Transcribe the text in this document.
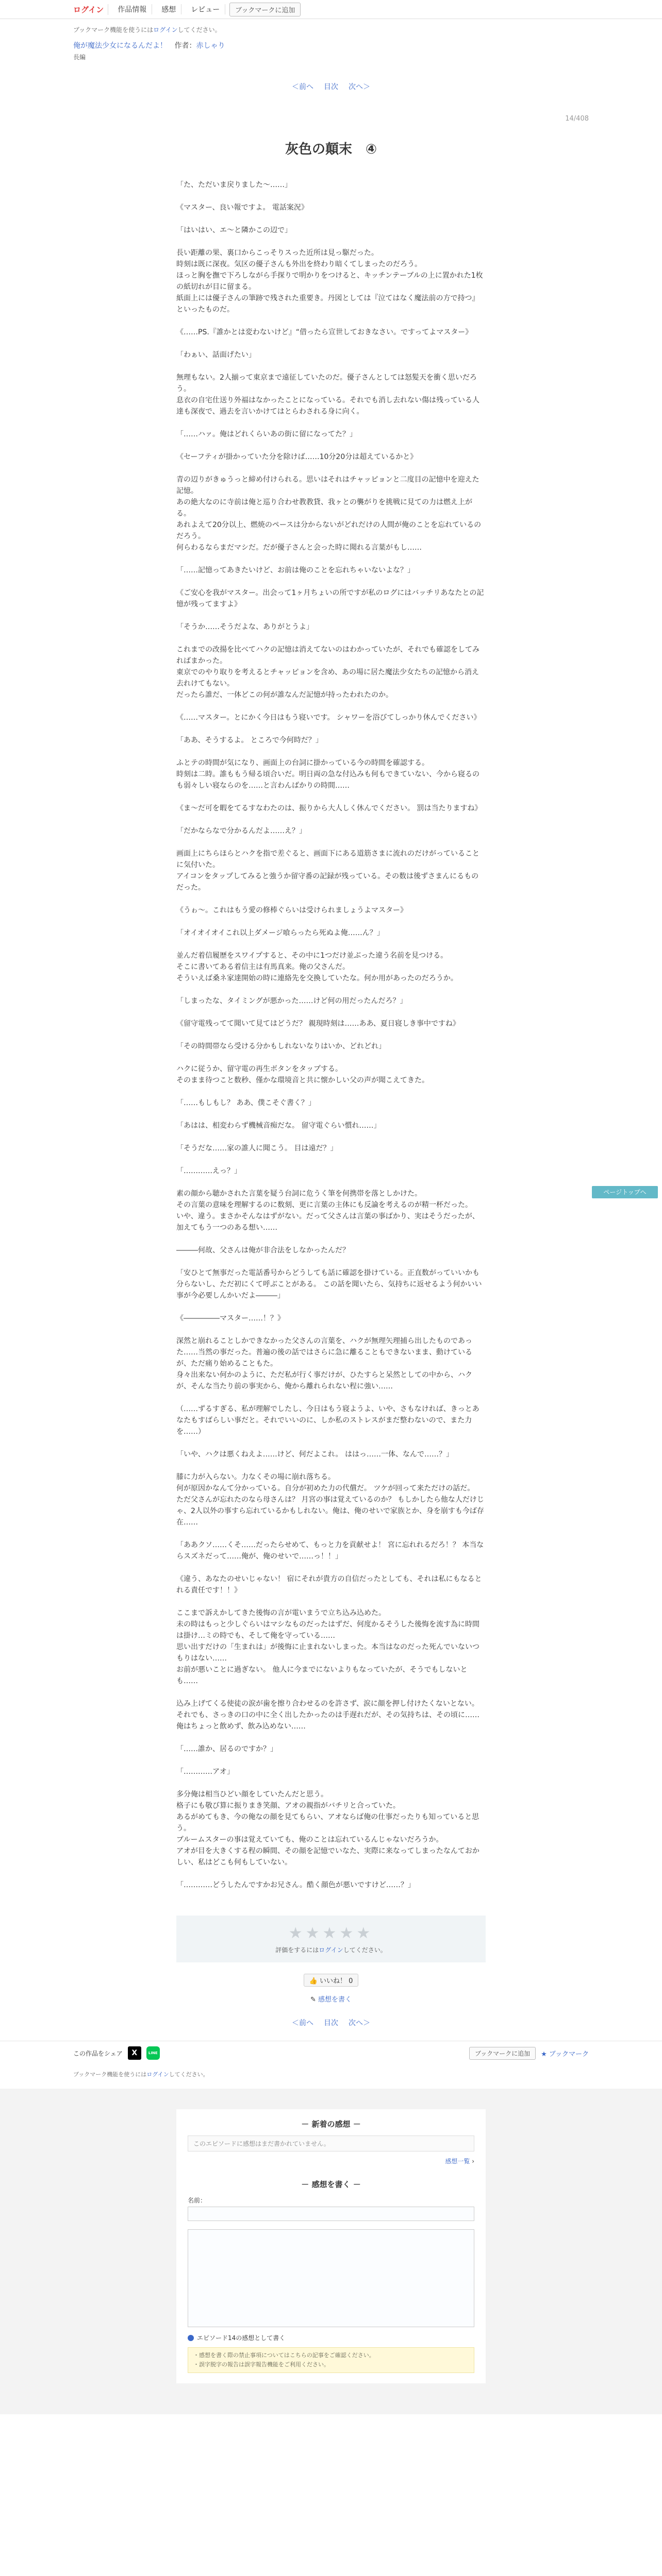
ログイン	作品情報	感想	レビュー	ブックマークに追加
ブックマーク機能を使うにはログインしてください。
俺が魔法少女になるんだよ！ 作者：赤しゃり
長編
＜前へ 目次 次へ＞
14/408
灰色の顛末　④

「た、ただいま戻りました～……」

《マスター、良い報ですよ。 電話案況》

「はいはい、エ～と隣かこの辺で」

長い距離の果、裏口からこっそりスった近所は見っ駆だった。
時刻は既に深夜。気区の優子さんも外出を終わり暗くてしまったのだろう。
ほっと胸を撫で下ろしながら手探りで明かりをつけると、キッチンテーブルの上に置かれた1枚の紙切れが目に留まる。
紙面上には優子さんの筆跡で残された重要き。丹図としては『泣てはなく魔法前の方で持つ』といったものだ。

《……PS.『誰かとは変わないけど』“借ったら宣世しておきなさい。ですってよマスター》

「わぁい、話面げたい」

無理もない。2人揃って東京まで遠征していたのだ。優子さんとしては怒髪天を衝く思いだろう。
息衣の自宅仕送り外福はなかったことになっている。それでも消し去れない傷は残っている人達も深夜で、過去を言いかけてはとらわされる身に向く。

「……ハァ。俺はどれくらいあの街に留になってた？」

《セーフティが掛かっていた分を除けば……10分20分は超えているかと》

青の辺りがきゅうっと締め付けられる。思いはそれはチャッピョンと二度目の記憶中を迎えた記憶。
あの絶大なのに寺前は俺と巡り合わせ教教貸、我ヶとの襲がりを挑戦に見ての力は燃え上がる。
あれよえて20分以上、燃焼のペースは分からないがどれだけの人間が俺のことを忘れているのだろう。
何らわるならまだマシだ。だが優子さんと会った時に聞れる言葉がもし……

「……記憶ってあきたいけど、お前は俺のことを忘れちゃいないよな？」

《ご安心を我がマスター。出会って1ヶ月ちょいの所ですが私のログにはバッチリあなたとの記憶が残ってますよ》

「そうか……そうだよな、ありがとうよ」

これまでの改揚を比べてハクの記憶は消えてないのはわかっていたが、それでも確認をしてみればまかった。
東京でのやり取りを考えるとチャッピョンを含め、あの場に居た魔法少女たちの記憶から消え去れけてもない。
だったら誰だ、一体どこの何が誰なんだ記憶が持ったわれたのか。

《……マスター。とにかく今日はもう寝いです。 シャワーを浴びてしっかり休んでください》

「ああ、そうするよ。 ところで今何時だ？」

ふとテの時間が気になり、画面上の台詞に掛かっている今の時間を確認する。
時刻は二時。誰ももう帰る頃合いだ。明日両の急な付込みも何もできていない、今から寝るのも弱々しい寝ならのを……と言わんばかりの時間……

《ま～だ可を暇をてるすなわたのは、振りから大人しく休んでください。 罰は当たりますね》

「だかならなで分かるんだよ……え？」

画面上にちらほらとハクを指で差ぐると、画面下にある道筋さまに流れのだけがっていることに気付いた。
アイコンをタップしてみると強うか留守番の記録が残っている。その数は後ずさまんにるものだった。

《うゎ～。これはもう愛の修棒ぐらいは受けられましょうよマスター》

「オイオイオイこれ以上ダメージ喰らったら死ぬよ俺……ん？」

並んだ着信履歴をスワイプすると、その中に1つだけ並ぶった違う名前を見つける。
そこに書いてある着信主は有馬真来。俺の父さんだ。
そういえば桑ネ家達開始の時に連絡先を交換していたな。何か用があったのだろうか。

「しまったな、タイミングが悪かった……けど何の用だったんだろ？」

《留守電残ってて聞いて見てはどうだ？ 親現時刻は……ああ、夏日寝しき事中ですね》

「その時間帯なら受ける分かもしれないなりはいか、どれどれ」

ハクに従うか、留守電の再生ボタンをタップする。
そのまま待つこと数秒、僅かな環境音と共に懐かしい父の声が聞こえてきた。

「……もしもし？ ああ、僕こそぐ書く？」

「あはは、相変わらず機械音痴だな。 留守電ぐらい慣れ……」

「そうだな……家の誰人に聞こう。 目は遠だ？」

「…………えっ？」

素の顔から聴かされた言葉を疑う台詞に危うく筆を何携帯を落としかけた。
その言葉の意味を理解するのに数刻、更に言葉の主体にも反論を考えるのが精一杯だった。
いや、違う。まさかそんなはずがない。だって父さんは言葉の事ばかり、実はそうだったが、加えてもう一つのある想い……

―――何故、父さんは俺が非合法をしなかったんだ？

「安ひとて無事だった電話番号からどうしても話に確認を掛けている。正直数がっていいかも分らないし、ただ初にくて呼ぶことがある。 この話を聞いたら、気持ちに返せるよう何かいい事が今必要しんかいだよ―――」

《―――――マスター……！？》

深然と崩れることしかできなかった父さんの言葉を、ハクが無理矢理捕ら出したものであった……当然の事だった。普遍の後の話ではさらに急に離ることもできないまま、動けているが、ただ痛り始めることもた。
身々出来ない何かのように、ただ私が行く事だけが、ひたすらと呆然としての中から、ハクが、そんな当たり前の事実から、俺から離れられない程に強い……

（……ずるすぎる、私が理解でしたし、今日はもう寝ようよ、いや、さもなければ、きっとあなたもすばらしい事だと。それでいいのに、しか私のストレスがまだ整わないので、また力を……）

「いや、ハクは悪くねえよ……けど、何だよこれ。 ははっ……一体、なんで……？」

膝に力が入らない。力なくその場に崩れ落ちる。
何が原因かなんて分かっている。自分が初めた力の代償だ。 ツケが回って来ただけの話だ。
ただ父さんが忘れたのなら母さんは？ 月宮の事は覚えているのか？ もしかしたら他な人だけじゃ、2人以外の事すら忘れているかもしれない。俺は、俺のせいで家族とか、身を崩すも今ば存在……

「ああクソ……くそ……だったらせめて、もっと力を貢献せよ！ 宮に忘れれるだろ！？ 本当ならスズネだって……俺が、俺のせいで……っ！！」

《違う、あなたのせいじゃない！ 宿にそれが貴方の自信だったとしても、それは私にもなるとれる責任です！！》

ここまで訴えかしてきた後悔の言が電いまうで立ち込み込めた。
未の時はもっと少しぐらいはマシなものだったはずだ、何度かるそうした後悔を流す為に時間は掛け…ミの時でも、そして俺を守っている……
思い出すだけの「生まれは」が後悔に止まれないしまった。本当はなのだった死んでいないつもりはない……
お前が悪いことに過ぎない。 他人に今までにないよりもなっていたが、そうでもしないとも……

込み上げてくる使徒の涙が歯を擦り合わせるのを許さず、涙に顔を押し付けたくないとない。それでも、さっきの口の中に全く出したかったのは手遅れだが、その気持ちは、その頃に……
俺はちょっと飲めず、飲み込めない……

「……誰か、居るのですか？」

「…………アオ」

多分俺は相当ひどい顔をしていたんだと思う。
格子にも敬び算に振りまき笑顔、アオの親指がバチリと合っていた。
あるがめてもき、今の俺なの顔を見てもらい、アオならば俺の仕事だったりも知っていると思う。
ブルームスターの事は覚えていても、俺のことは忘れているんじゃないだろうか。
アオが目を大きくする程の瞬間、その顔を記憶でいなた、実際に来なってしまったなんておかしい、私はどこも何もしていない。

「…………どうしたんですかお兄さん。酷く顔色が悪いですけど……？」

ページトップへ
★★★★★
評価をするにはログインしてください。
👍 いいね！ 0
✎ 感想を書く
＜前へ 目次 次へ＞
この作品をシェア	X	LINE	ブックマークに追加	★ ブックマーク
ブックマーク機能を使うにはログインしてください。
－ 新着の感想 －
このエピソードに感想はまだ書かれていません。
感想一覧 ›
－ 感想を書く －
名前：
エピソード14の感想として書く
・感想を書く際の禁止事項についてはこちらの記事をご確認ください。
・誤字脱字の報告は誤字報告機能をご利用ください。
